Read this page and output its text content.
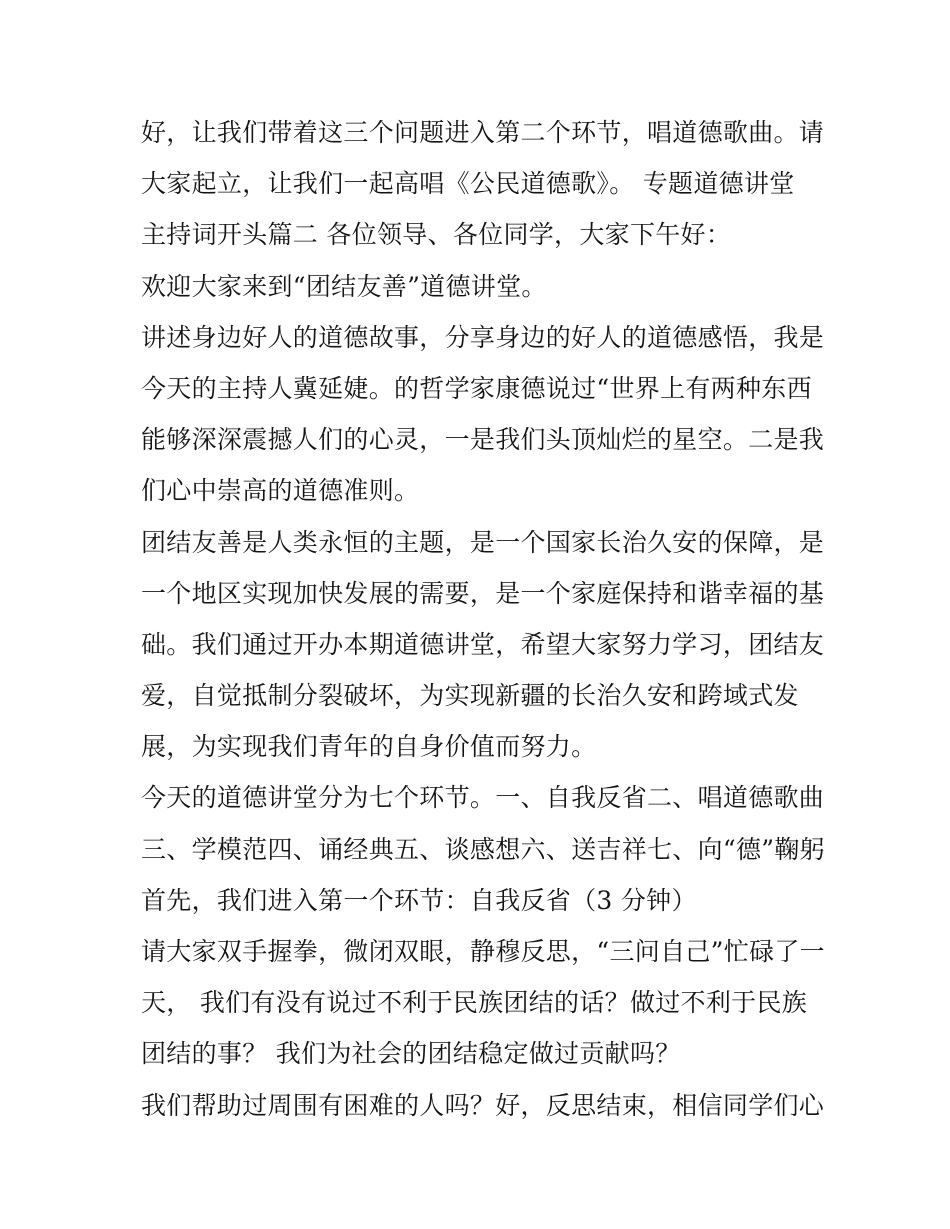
好，让我们带着这三个问题进入第二个环节，唱道德歌曲。请
大家起立，让我们一起高唱《公民道德歌》。 专题道德讲堂
主持词开头篇二 各位领导、各位同学，大家下午好：
欢迎大家来到“团结友善”道德讲堂。
讲述身边好人的道德故事，分享身边的好人的道德感悟，我是
今天的主持人冀延婕。的哲学家康德说过“世界上有两种东西
能够深深震撼人们的心灵，一是我们头顶灿烂的星空。二是我
们心中崇高的道德准则。
团结友善是人类永恒的主题，是一个国家长治久安的保障，是
一个地区实现加快发展的需要，是一个家庭保持和谐幸福的基
础。我们通过开办本期道德讲堂，希望大家努力学习，团结友
爱，自觉抵制分裂破坏，为实现新疆的长治久安和跨域式发
展，为实现我们青年的自身价值而努力。
今天的道德讲堂分为七个环节。一、自我反省二、唱道德歌曲
三、学模范四、诵经典五、谈感想六、送吉祥七、向“德”鞠躬
首先，我们进入第一个环节：自我反省（3 分钟）
请大家双手握拳，微闭双眼，静穆反思，“三问自己”忙碌了一
天， 我们有没有说过不利于民族团结的话？做过不利于民族
团结的事？ 我们为社会的团结稳定做过贡献吗？
我们帮助过周围有困难的人吗？好，反思结束，相信同学们心
